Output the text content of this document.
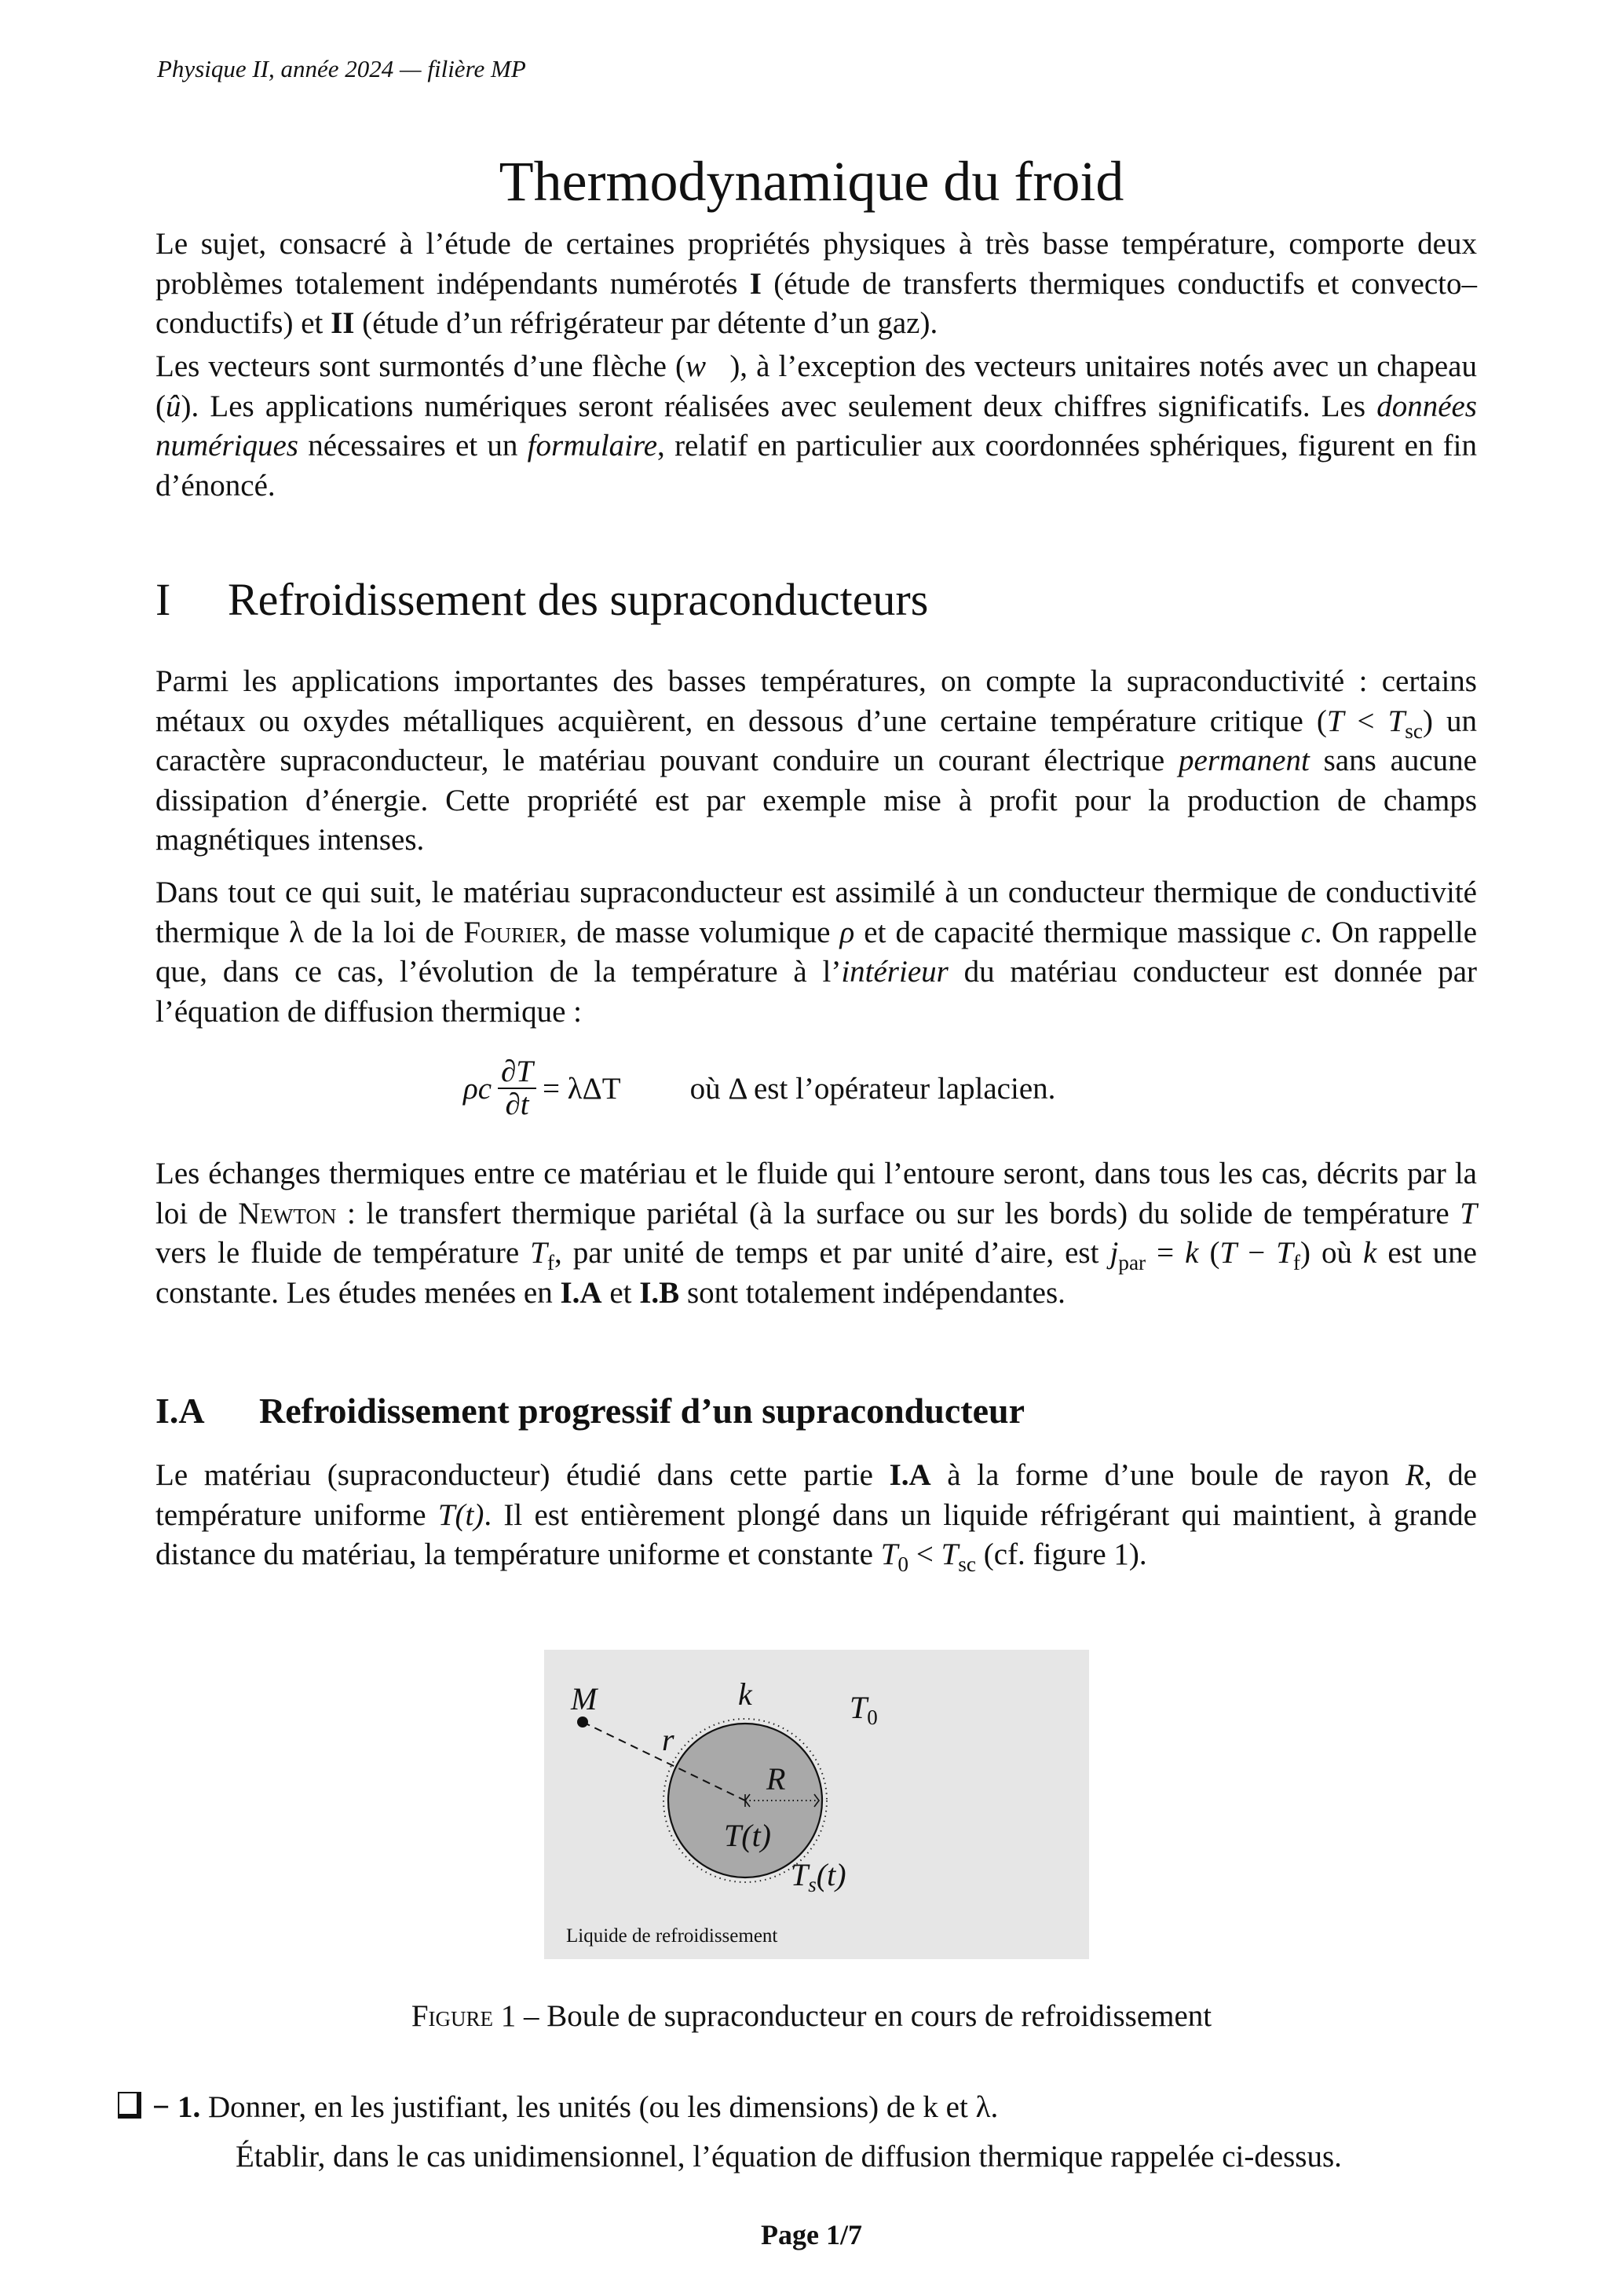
Physique II, année 2024 — filière MP
Thermodynamique du froid
Le sujet, consacré à l’étude de certaines propriétés physiques à très basse température, comporte deux problèmes totalement indépendants numérotés I (étude de transferts thermiques conductifs et convecto–conductifs) et II (étude d’un réfrigérateur par détente d’un gaz).
Les vecteurs sont surmontés d’une flèche (w⃗), à l’exception des vecteurs unitaires notés avec un chapeau (û). Les applications numériques seront réalisées avec seulement deux chiffres significatifs. Les données numériques nécessaires et un formulaire, relatif en particulier aux coordonnées sphériques, figurent en fin d’énoncé.
I Refroidissement des supraconducteurs
Parmi les applications importantes des basses températures, on compte la supraconductivité : certains métaux ou oxydes métalliques acquièrent, en dessous d’une certaine température critique $(T < T_{sc})$ un caractère supraconducteur, le matériau pouvant conduire un courant électrique permanent sans aucune dissipation d’énergie. Cette propriété est par exemple mise à profit pour la production de champs magnétiques intenses.
Dans tout ce qui suit, le matériau supraconducteur est assimilé à un conducteur thermique de conductivité thermique λ de la loi de Fourier, de masse volumique ρ et de capacité thermique massique c. On rappelle que, dans ce cas, l’évolution de la température à l’intérieur du matériau conducteur est donnée par l’équation de diffusion thermique :
ρc $\frac{\partial T}{\partial t} = \lambda\Delta T$ où Δ est l’opérateur laplacien.
Les échanges thermiques entre ce matériau et le fluide qui l’entoure seront, dans tous les cas, décrits par la loi de Newton : le transfert thermique pariétal (à la surface ou sur les bords) du solide de température T vers le fluide de température $T_f$, par unité de temps et par unité d’aire, est $j_{par} = k$ $(T - T_f)$ où k est une constante. Les études menées en I.A et I.B sont totalement indépendantes.
I.A Refroidissement progressif d’un supraconducteur
Le matériau (supraconducteur) étudié dans cette partie I.A à la forme d’une boule de rayon R, de température uniforme T(t). Il est entièrement plongé dans un liquide réfrigérant qui maintient, à grande distance du matériau, la température uniforme et constante $T_0 < T_{sc}$ (cf. figure 1).
M	k	$T_0$
r
R
T(t)
$T_s(t)$
Liquide de refroidissement
Figure 1 – Boule de supraconducteur en cours de refroidissement
− 1. Donner, en les justifiant, les unités (ou les dimensions) de k et λ.
Établir, dans le cas unidimensionnel, l’équation de diffusion thermique rappelée ci-dessus.
Page 1/7
